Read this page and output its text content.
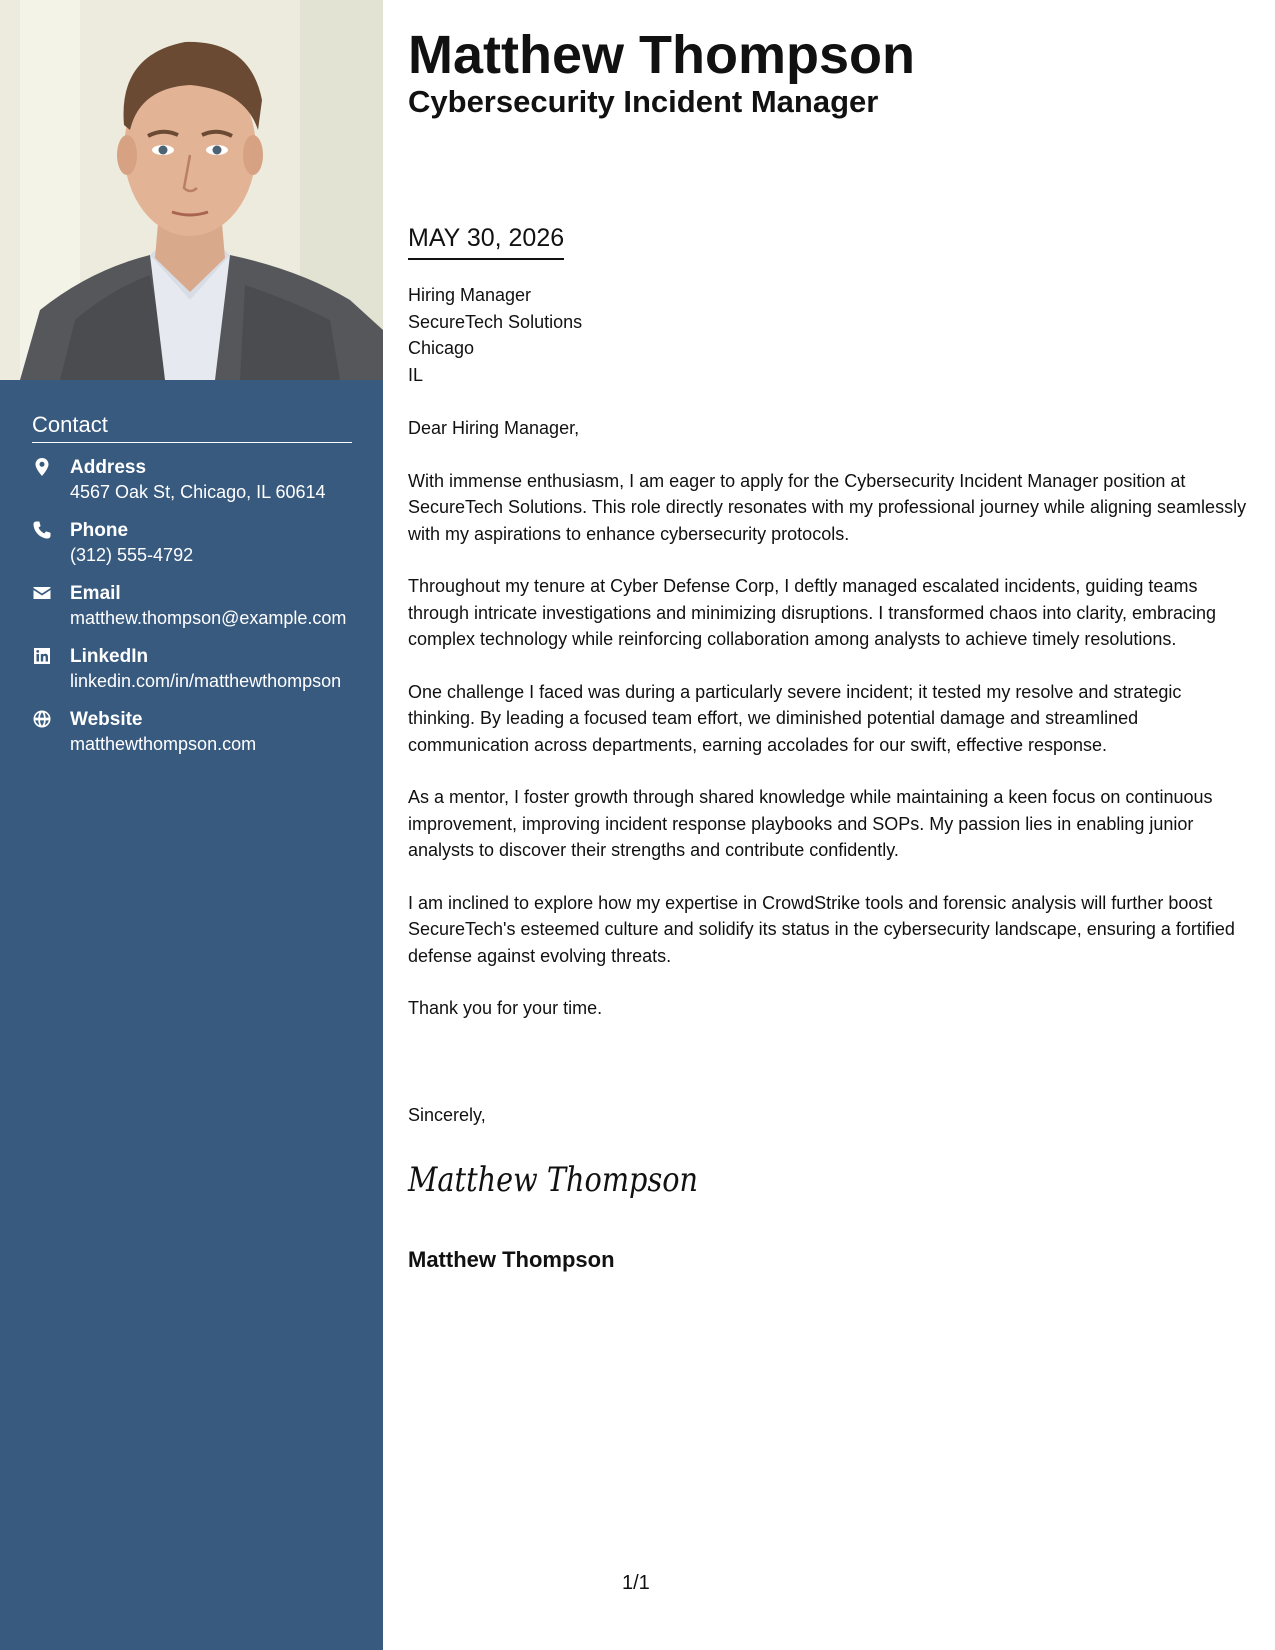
Contact
Address
4567 Oak St, Chicago, IL 60614
Phone
(312) 555-4792
Email
matthew.thompson@example.com
LinkedIn
linkedin.com/in/matthewthompson
Website
matthewthompson.com
Matthew Thompson
Cybersecurity Incident Manager
MAY 30, 2026
Hiring Manager
SecureTech Solutions
Chicago
IL

Dear Hiring Manager,

With immense enthusiasm, I am eager to apply for the Cybersecurity Incident Manager position at SecureTech Solutions. This role directly resonates with my professional journey while aligning seamlessly with my aspirations to enhance cybersecurity protocols.

Throughout my tenure at Cyber Defense Corp, I deftly managed escalated incidents, guiding teams through intricate investigations and minimizing disruptions. I transformed chaos into clarity, embracing complex technology while reinforcing collaboration among analysts to achieve timely resolutions.

One challenge I faced was during a particularly severe incident; it tested my resolve and strategic thinking. By leading a focused team effort, we diminished potential damage and streamlined communication across departments, earning accolades for our swift, effective response.

As a mentor, I foster growth through shared knowledge while maintaining a keen focus on continuous improvement, improving incident response playbooks and SOPs. My passion lies in enabling junior analysts to discover their strengths and contribute confidently.

I am inclined to explore how my expertise in CrowdStrike tools and forensic analysis will further boost SecureTech's esteemed culture and solidify its status in the cybersecurity landscape, ensuring a fortified defense against evolving threats.

Thank you for your time.

Sincerely,
Matthew Thompson
Matthew Thompson
1/1
